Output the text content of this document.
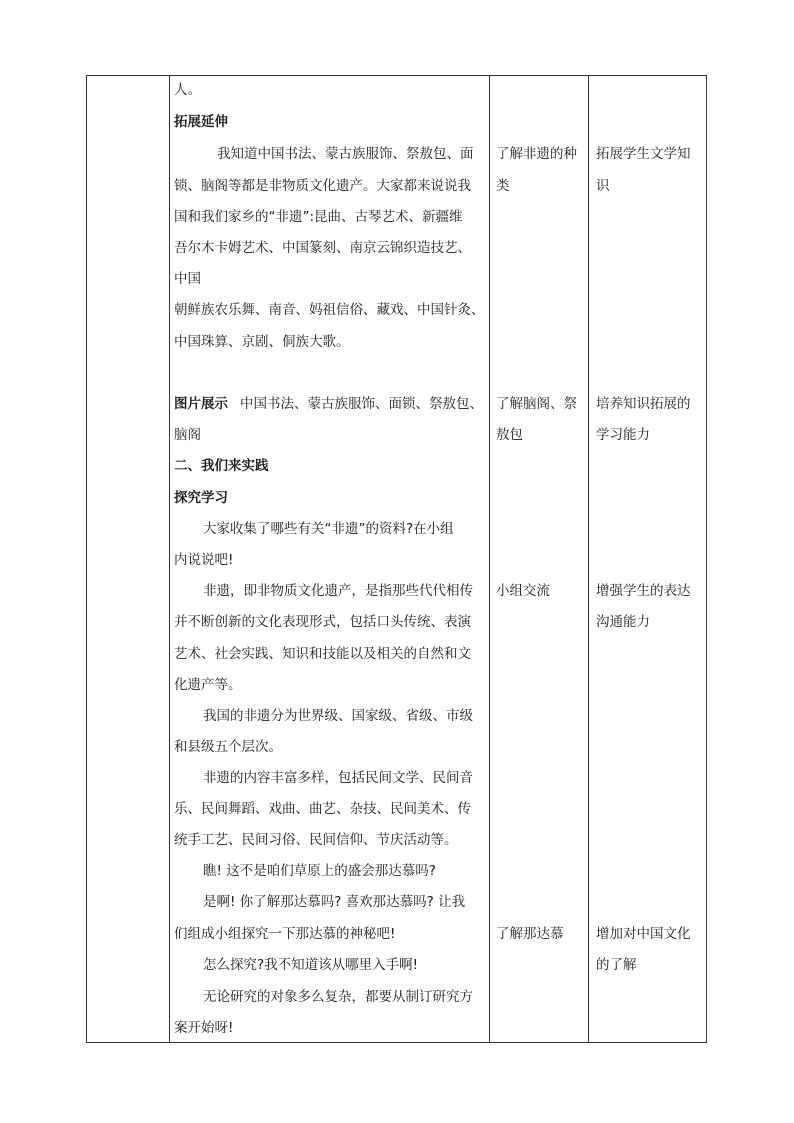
人。
拓展延伸
我知道中国书法、蒙古族服饰、祭敖包、面
锁、脑阁等都是非物质文化遗产。大家都来说说我
国和我们家乡的“非遗”:昆曲、古琴艺术、新疆维
吾尔木卡姆艺术、中国篆刻、南京云锦织造技艺、
中国
朝鲜族农乐舞、南音、妈祖信俗、藏戏、中国针灸、
中国珠算、京剧、侗族大歌。
图片展示 中国书法、蒙古族服饰、面锁、祭敖包、
脑阁
二、我们来实践
探究学习
大家收集了哪些有关“非遗”的资料?在小组
内说说吧!
非遗，即非物质文化遗产，是指那些代代相传
并不断创新的文化表现形式，包括口头传统、表演
艺术、社会实践、知识和技能以及相关的自然和文
化遗产等。
我国的非遗分为世界级、国家级、省级、市级
和县级五个层次。
非遗的内容丰富多样，包括民间文学、民间音
乐、民间舞蹈、戏曲、曲艺、杂技、民间美术、传
统手工艺、民间习俗、民间信仰、节庆活动等。
瞧! 这不是咱们草原上的盛会那达慕吗?
是啊! 你了解那达慕吗? 喜欢那达慕吗? 让我
们组成小组探究一下那达慕的神秘吧!
怎么探究?我不知道该从哪里入手啊!
无论研究的对象多么复杂，都要从制订研究方
案开始呀!
了解非遗的种
类
了解脑阁、祭
敖包
小组交流
了解那达慕
拓展学生文学知
识
培养知识拓展的
学习能力
增强学生的表达
沟通能力
增加对中国文化
的了解
